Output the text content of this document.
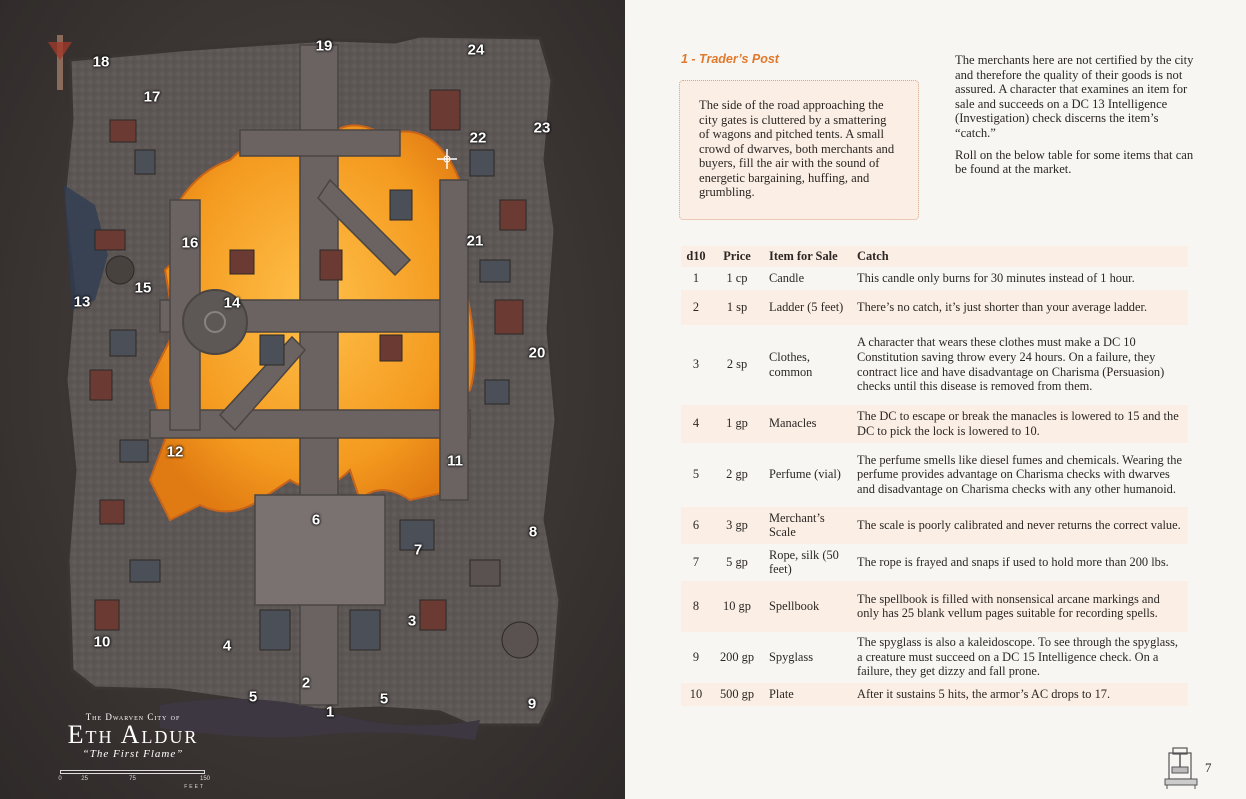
1
2
3
4
5	5
6
7
8
9
10
11
12
13	14
15
16
17
18
19
20
21
22
23
24
The Dwarven City of
Eth Aldur
“The First Flame”
0	25	75	150
FEET
1 - Trader’s Post

The side of the road approaching the city gates is cluttered by a smattering of wagons and pitched tents. A small crowd of dwarves, both merchants and buyers, fill the air with the sound of energetic bargaining, huffing, and grumbling.

The merchants here are not certified by the city and therefore the quality of their goods is not assured. A character that examines an item for sale and succeeds on a DC 13 Intelligence (Investigation) check discerns the item’s “catch.”

Roll on the below table for some items that can be found at the market.

d10	Price	Item for Sale	Catch
1	1 cp	Candle	This candle only burns for 30 minutes instead of 1 hour.
2	1 sp	Ladder (5 feet)	There’s no catch, it’s just shorter than your average ladder.
3	2 sp	Clothes, common	A character that wears these clothes must make a DC 10 Constitution saving throw every 24 hours. On a failure, they contract lice and have disadvantage on Charisma (Persuasion) checks until this disease is removed from them.
4	1 gp	Manacles	The DC to escape or break the manacles is lowered to 15 and the DC to pick the lock is lowered to 10.
5	2 gp	Perfume (vial)	The perfume smells like diesel fumes and chemicals. Wearing the perfume provides advantage on Charisma checks with dwarves and disadvantage on Charisma checks with any other humanoid.
6	3 gp	Merchant’s Scale	The scale is poorly calibrated and never returns the correct value.
7	5 gp	Rope, silk (50 feet)	The rope is frayed and snaps if used to hold more than 200 lbs.
8	10 gp	Spellbook	The spellbook is filled with nonsensical arcane markings and only has 25 blank vellum pages suitable for recording spells.
9	200 gp	Spyglass	The spyglass is also a kaleidoscope. To see through the spyglass, a creature must succeed on a DC 15 Intelligence check. On a failure, they get dizzy and fall prone.
10	500 gp	Plate	After it sustains 5 hits, the armor’s AC drops to 17.
7
